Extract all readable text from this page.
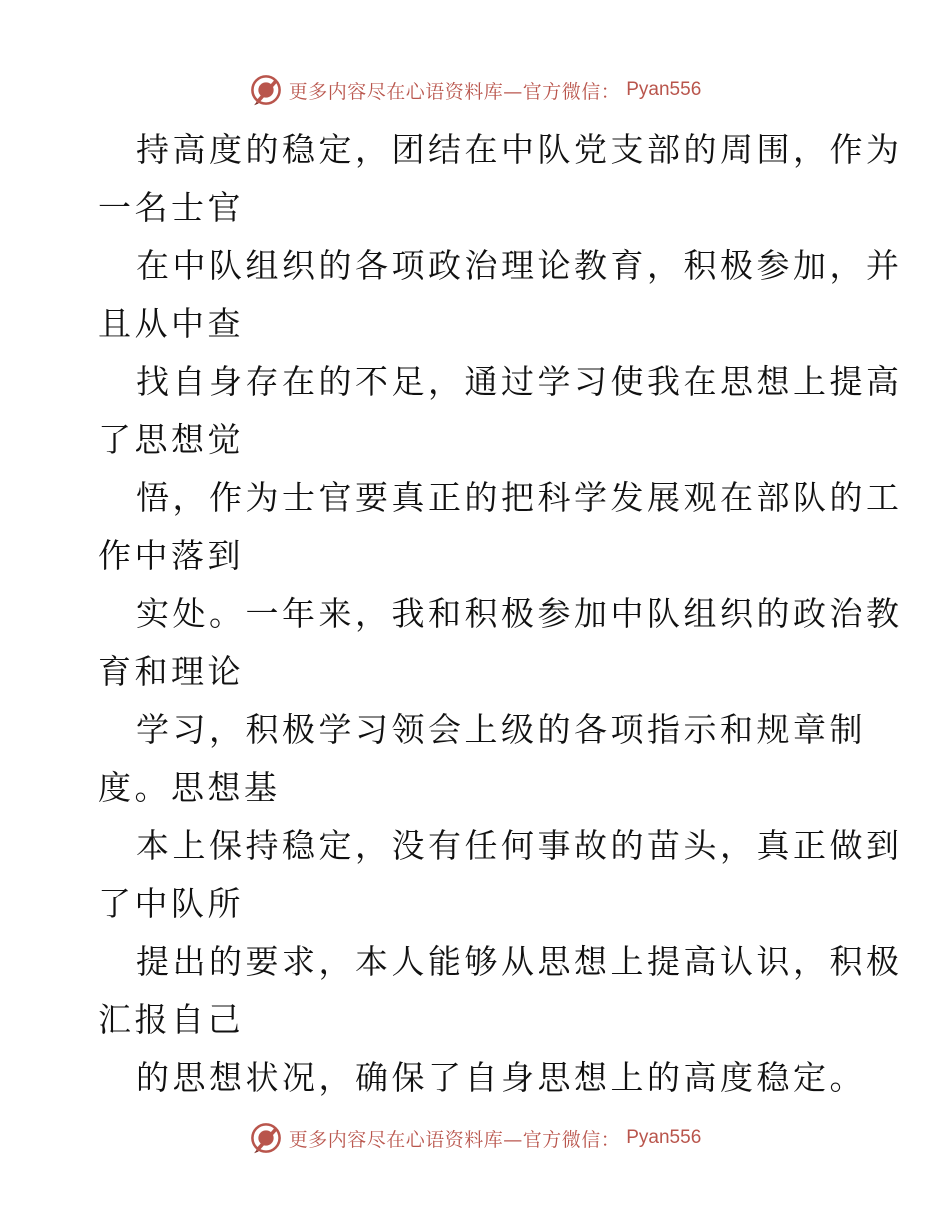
更多内容尽在心语资料库—官方微信： Pyan556
持高度的稳定，团结在中队党支部的周围，作为
一名士官
在中队组织的各项政治理论教育，积极参加，并
且从中查
找自身存在的不足，通过学习使我在思想上提高
了思想觉
悟，作为士官要真正的把科学发展观在部队的工
作中落到
实处。一年来，我和积极参加中队组织的政治教
育和理论
学习，积极学习领会上级的各项指示和规章制
度。思想基
本上保持稳定，没有任何事故的苗头，真正做到
了中队所
提出的要求，本人能够从思想上提高认识，积极
汇报自己
的思想状况，确保了自身思想上的高度稳定。
更多内容尽在心语资料库—官方微信： Pyan556
